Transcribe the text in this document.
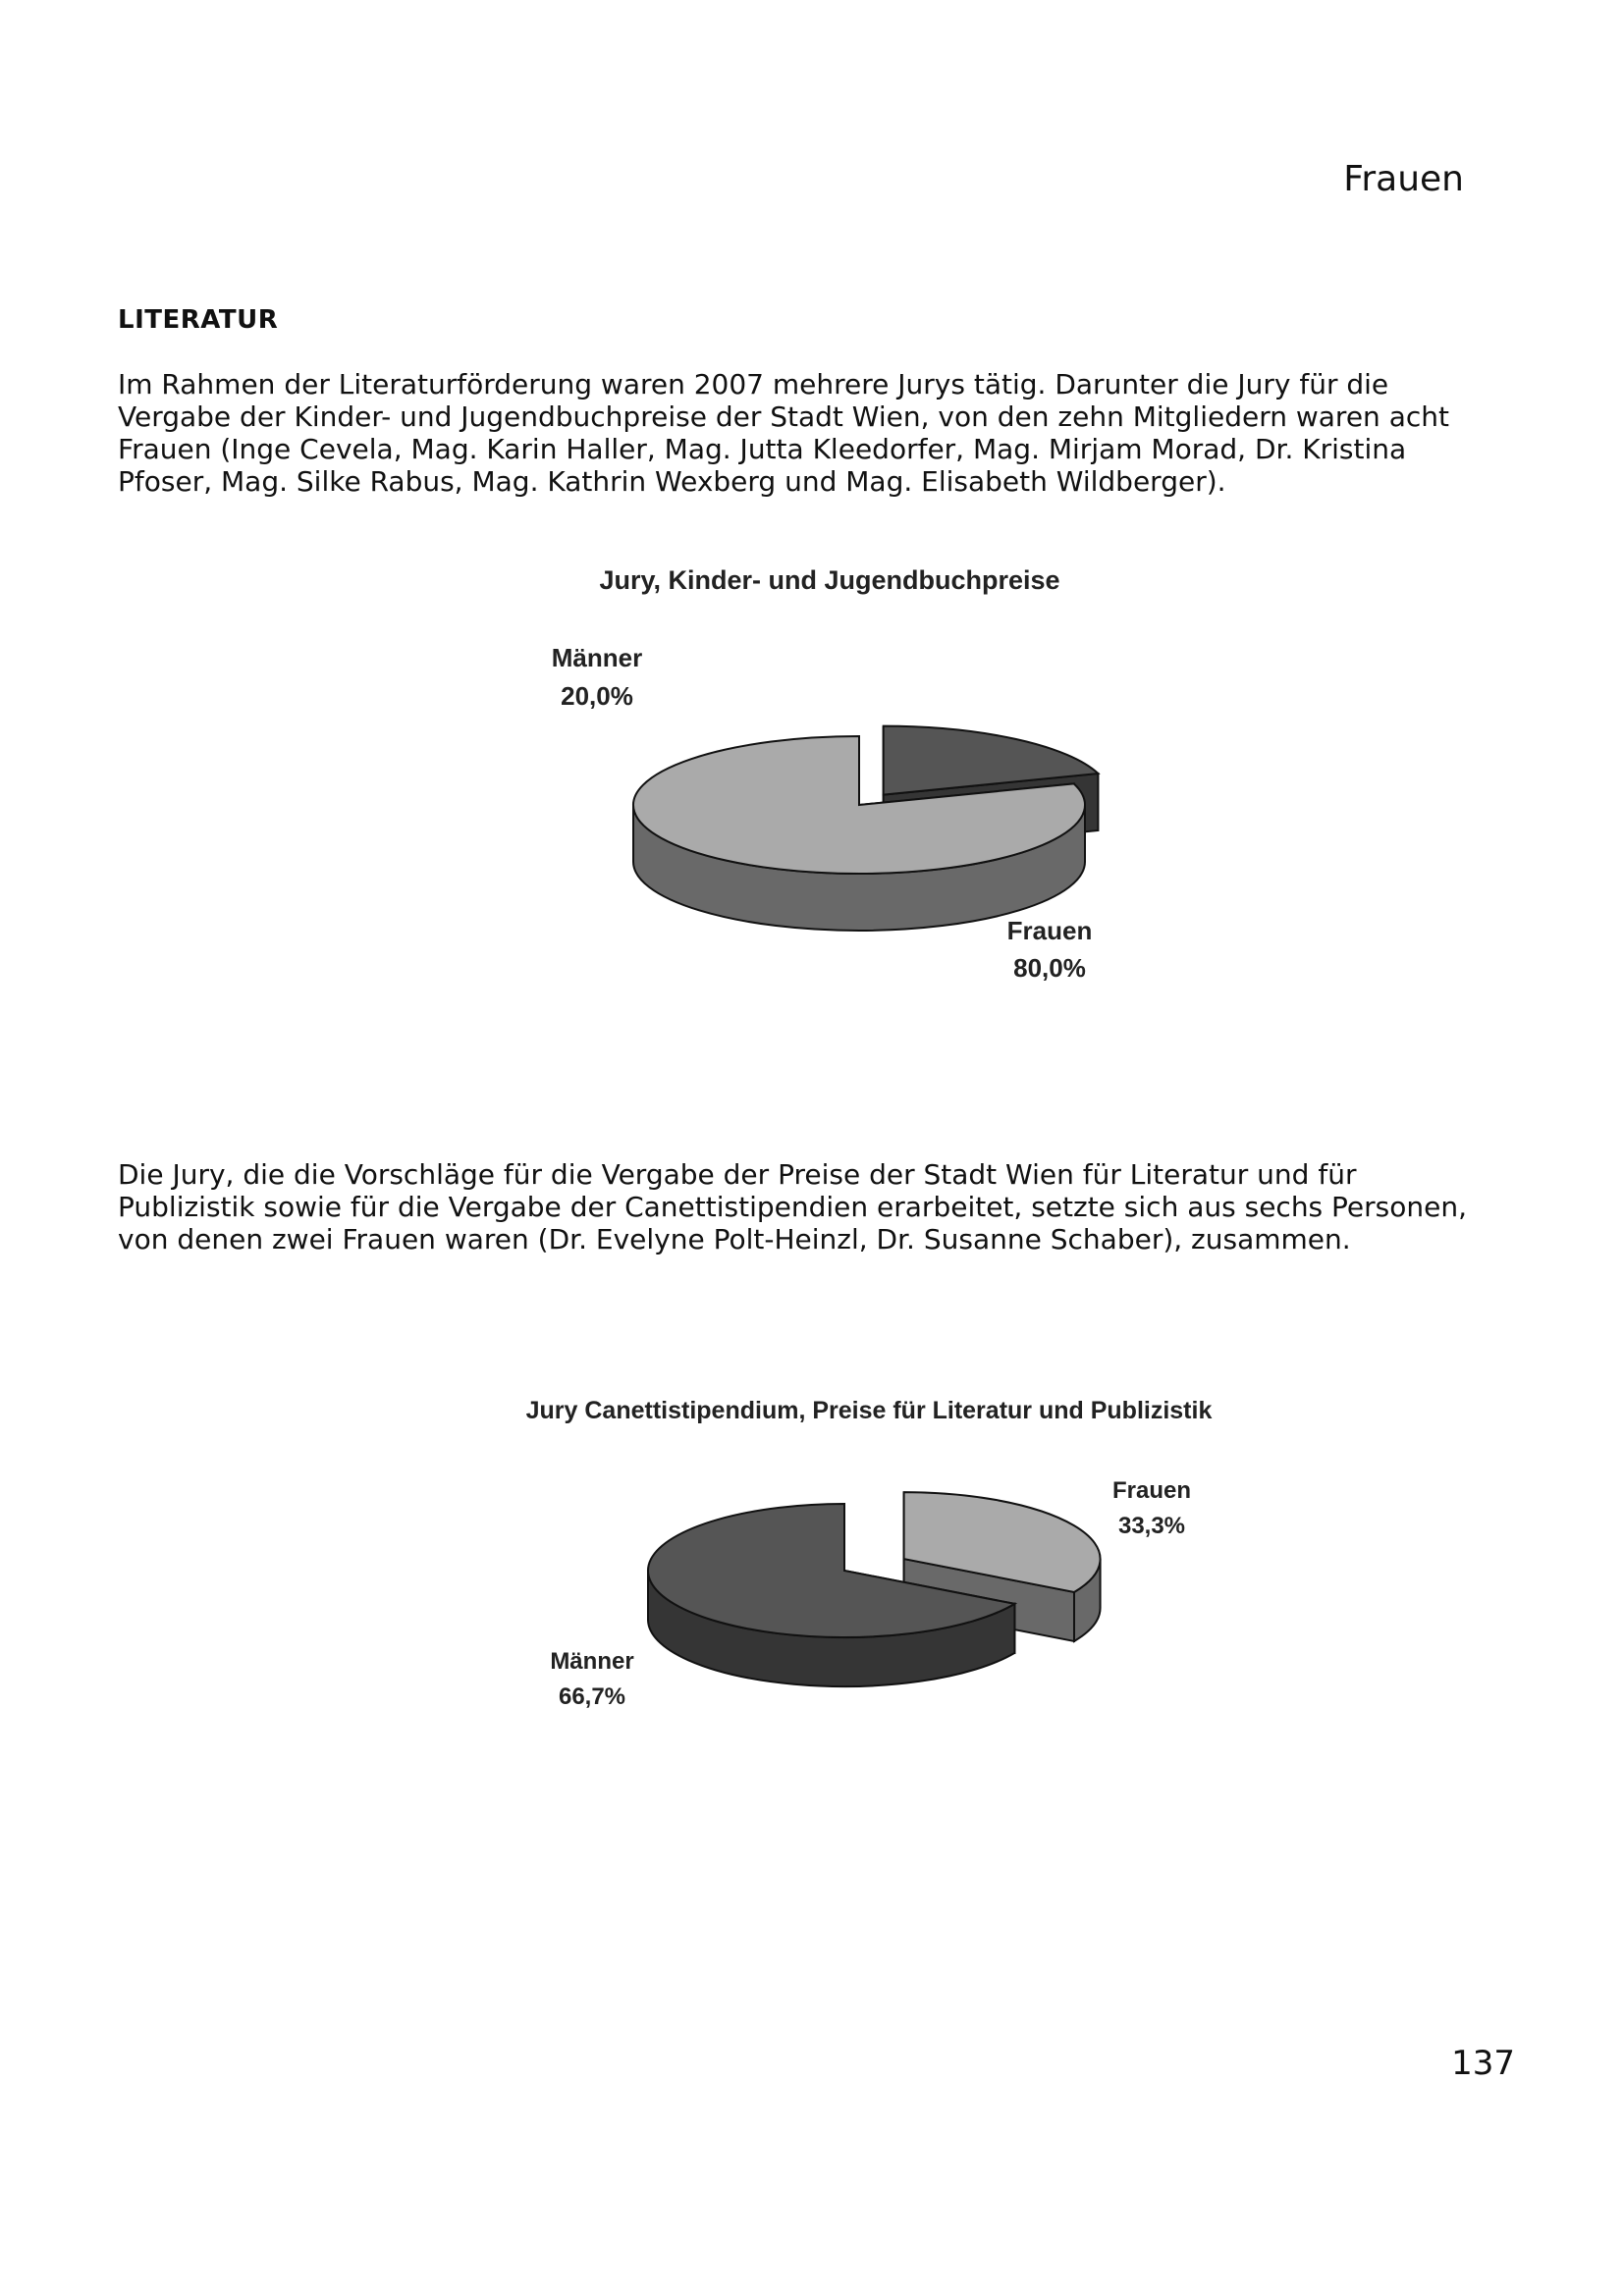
Frauen
LITERATUR

Im Rahmen der Literaturförderung waren 2007 mehrere Jurys tätig. Darunter die Jury für die
Vergabe der Kinder- und Jugendbuchpreise der Stadt Wien, von den zehn Mitgliedern waren acht
Frauen (Inge Cevela, Mag. Karin Haller, Mag. Jutta Kleedorfer, Mag. Mirjam Morad, Dr. Kristina
Pfoser, Mag. Silke Rabus, Mag. Kathrin Wexberg und Mag. Elisabeth Wildberger).

Die Jury, die die Vorschläge für die Vergabe der Preise der Stadt Wien für Literatur und für
Publizistik sowie für die Vergabe der Canettistipendien erarbeitet, setzte sich aus sechs Personen,
von denen zwei Frauen waren (Dr. Evelyne Polt-Heinzl, Dr. Susanne Schaber), zusammen.

Jury, Kinder- und Jugendbuchpreise
Männer
20,0%
Frauen
80,0%
Jury Canettistipendium, Preise für Literatur und Publizistik
Frauen
33,3%
Männer
66,7%
137
